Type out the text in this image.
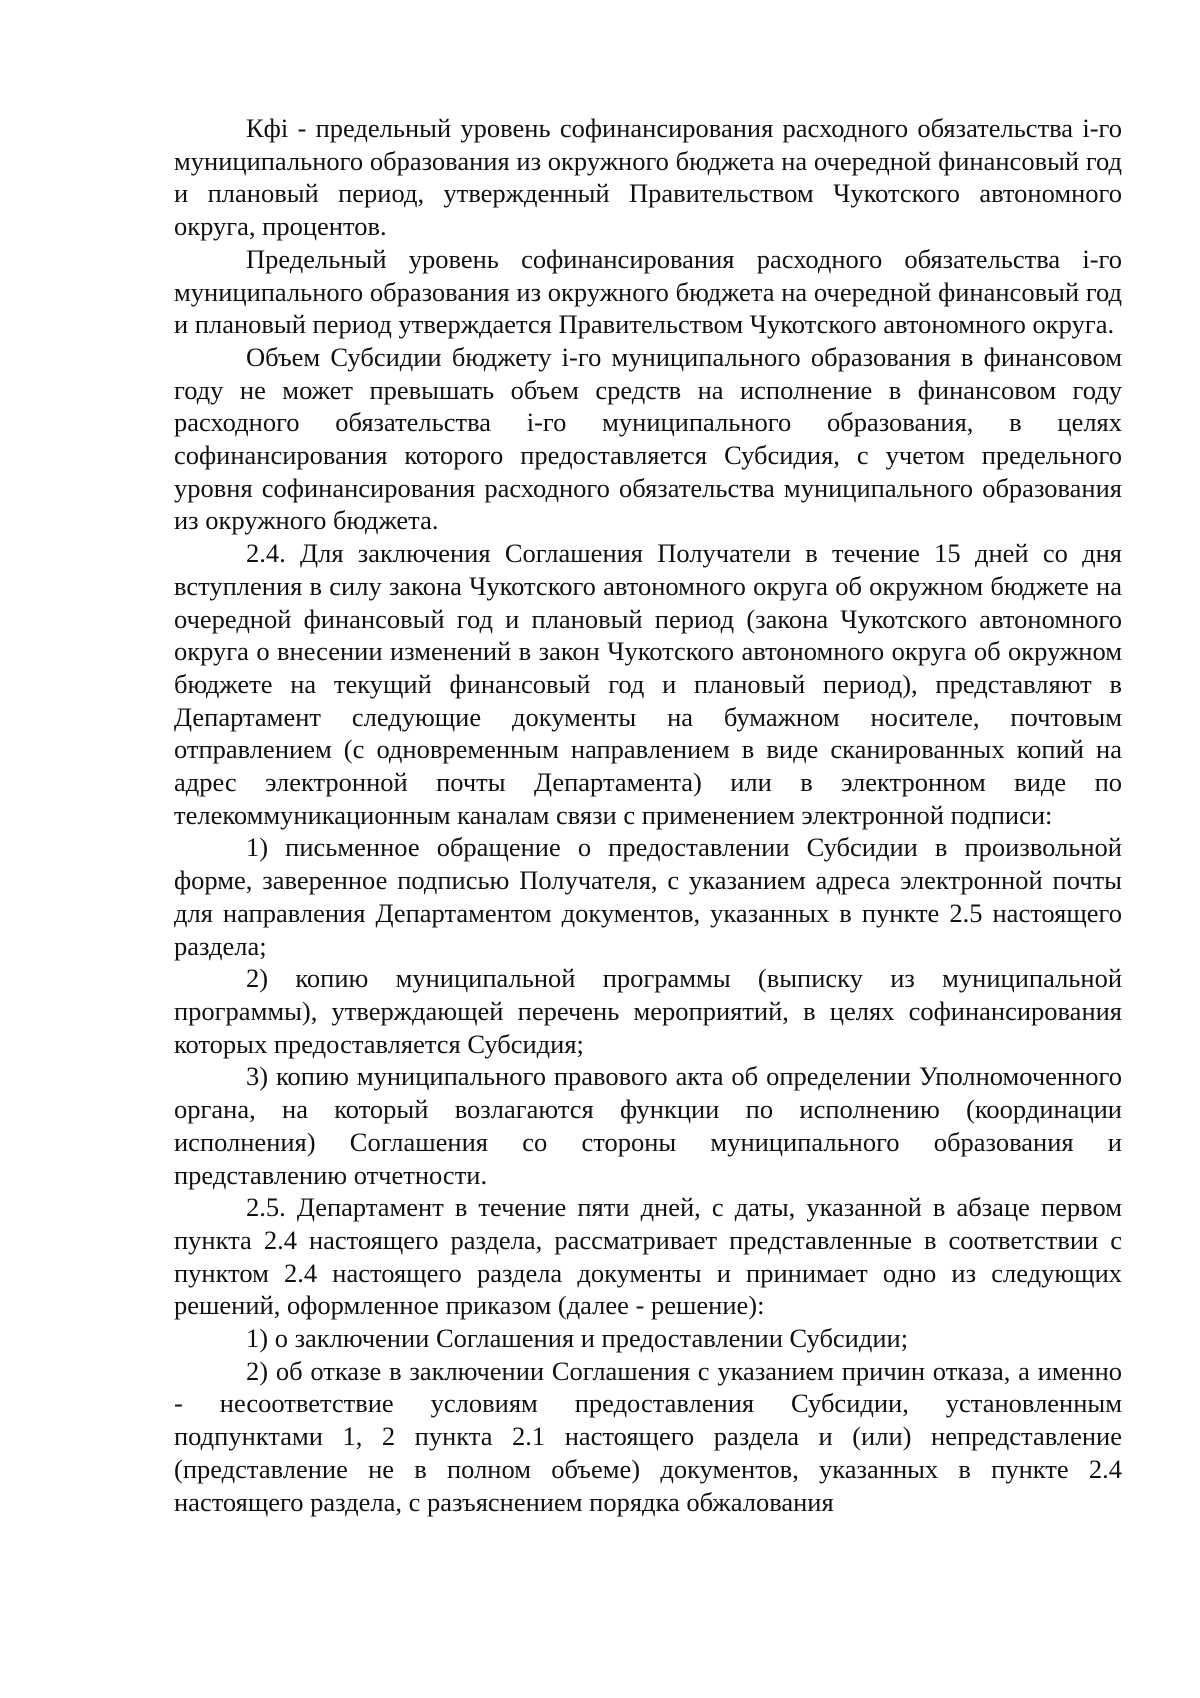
Кфi - предельный уровень софинансирования расходного обязательства i-го муниципального образования из окружного бюджета на очередной финансовый год и плановый период, утвержденный Правительством Чукотского автономного округа, процентов.

Предельный уровень софинансирования расходного обязательства i-го муниципального образования из окружного бюджета на очередной финансовый год и плановый период утверждается Правительством Чукотского автономного округа.

Объем Субсидии бюджету i-го муниципального образования в финансовом году не может превышать объем средств на исполнение в финансовом году расходного обязательства i-го муниципального образования, в целях софинансирования которого предоставляется Субсидия, с учетом предельного уровня софинансирования расходного обязательства муниципального образования из окружного бюджета.

2.4. Для заключения Соглашения Получатели в течение 15 дней со дня вступления в силу закона Чукотского автономного округа об окружном бюджете на очередной финансовый год и плановый период (закона Чукотского автономного округа о внесении изменений в закон Чукотского автономного округа об окружном бюджете на текущий финансовый год и плановый период), представляют в Департамент следующие документы на бумажном носителе, почтовым отправлением (с одновременным направлением в виде сканированных копий на адрес электронной почты Департамента) или в электронном виде по телекоммуникационным каналам связи с применением электронной подписи:

1) письменное обращение о предоставлении Субсидии в произвольной форме, заверенное подписью Получателя, с указанием адреса электронной почты для направления Департаментом документов, указанных в пункте 2.5 настоящего раздела;

2) копию муниципальной программы (выписку из муниципальной программы), утверждающей перечень мероприятий, в целях софинансирования которых предоставляется Субсидия;

3) копию муниципального правового акта об определении Уполномоченного органа, на который возлагаются функции по исполнению (координации исполнения) Соглашения со стороны муниципального образования и представлению отчетности.

2.5. Департамент в течение пяти дней, с даты, указанной в абзаце первом пункта 2.4 настоящего раздела, рассматривает представленные в соответствии с пунктом 2.4 настоящего раздела документы и принимает одно из следующих решений, оформленное приказом (далее - решение):

1) о заключении Соглашения и предоставлении Субсидии;

2) об отказе в заключении Соглашения с указанием причин отказа, а именно - несоответствие условиям предоставления Субсидии, установленным подпунктами 1, 2 пункта 2.1 настоящего раздела и (или) непредставление (представление не в полном объеме) документов, указанных в пункте 2.4 настоящего раздела, с разъяснением порядка обжалования
